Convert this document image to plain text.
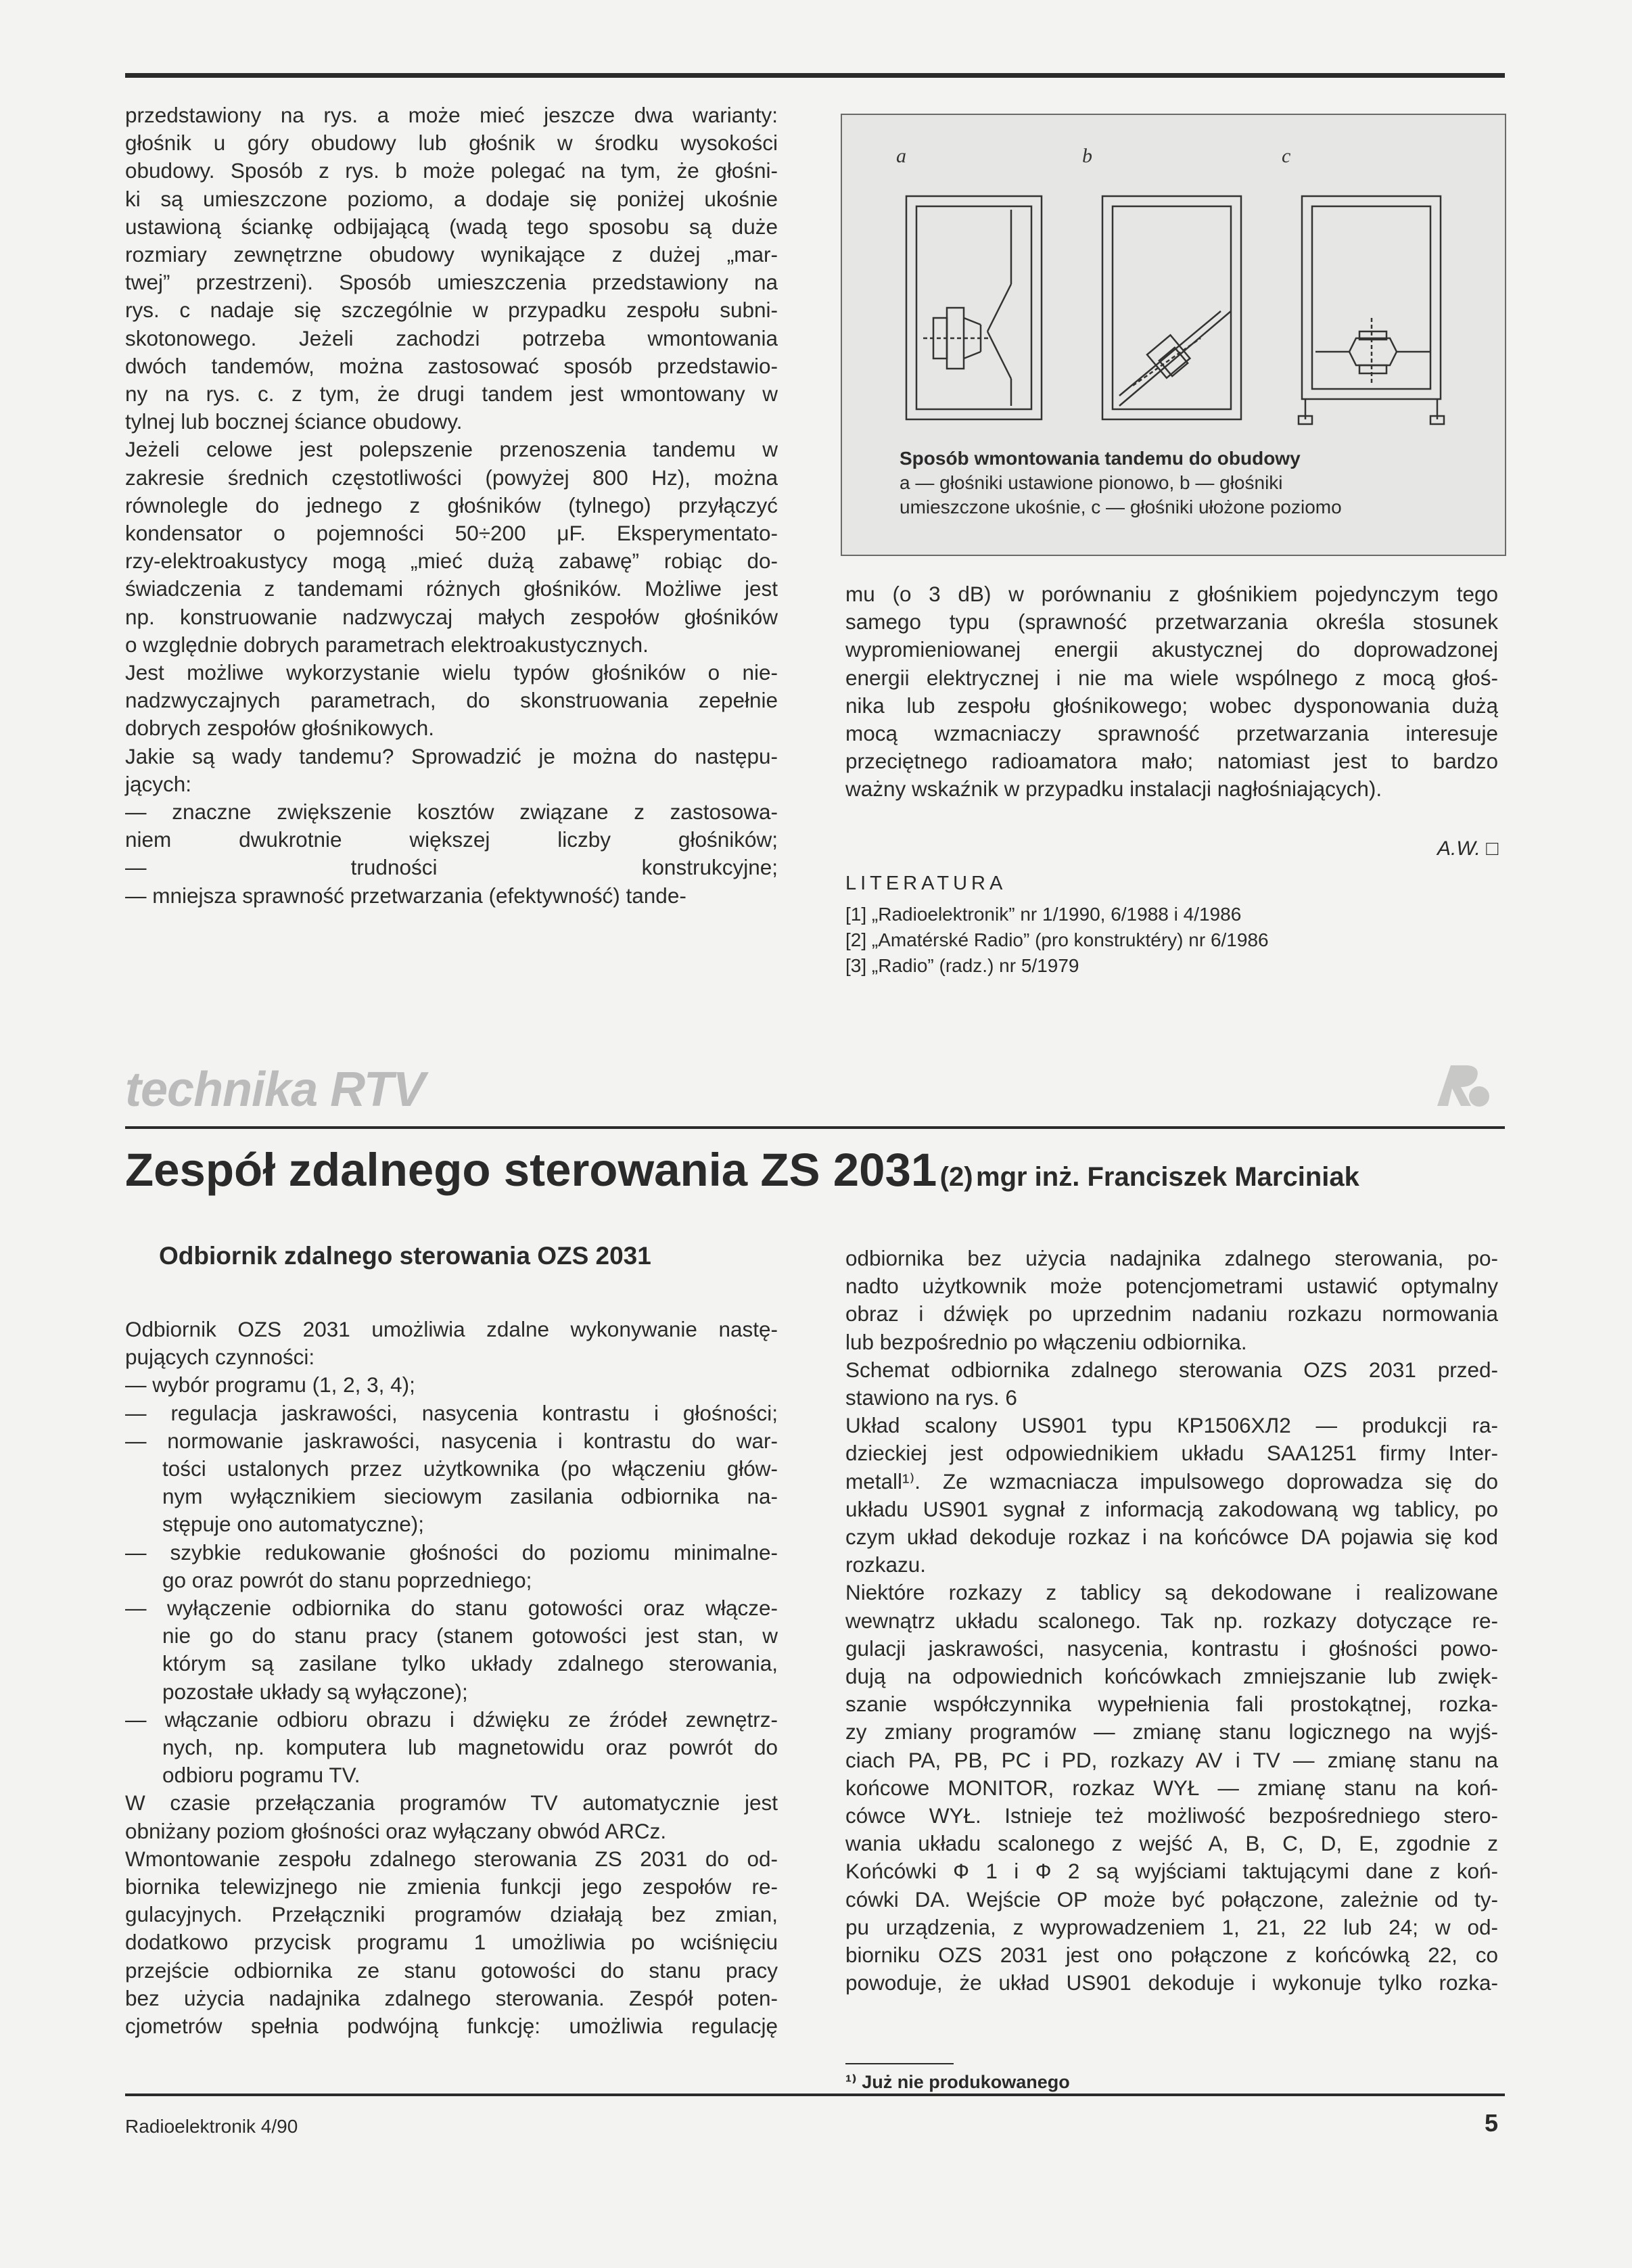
przedstawiony na rys. a może mieć jeszcze dwa warianty:
głośnik u góry obudowy lub głośnik w środku wysokości
obudowy. Sposób z rys. b może polegać na tym, że głośni-
ki są umieszczone poziomo, a dodaje się poniżej ukośnie
ustawioną ściankę odbijającą (wadą tego sposobu są duże
rozmiary zewnętrzne obudowy wynikające z dużej „mar-
twej” przestrzeni). Sposób umieszczenia przedstawiony na
rys. c nadaje się szczególnie w przypadku zespołu subni-
skotonowego. Jeżeli zachodzi potrzeba wmontowania
dwóch tandemów, można zastosować sposób przedstawio-
ny na rys. c. z tym, że drugi tandem jest wmontowany w
tylnej lub bocznej ściance obudowy.
Jeżeli celowe jest polepszenie przenoszenia tandemu w
zakresie średnich częstotliwości (powyżej 800 Hz), można
równolegle do jednego z głośników (tylnego) przyłączyć
kondensator o pojemności 50÷200 μF. Eksperymentato-
rzy-elektroakustycy mogą „mieć dużą zabawę” robiąc do-
świadczenia z tandemami różnych głośników. Możliwe jest
np. konstruowanie nadzwyczaj małych zespołów głośników
o względnie dobrych parametrach elektroakustycznych.
Jest możliwe wykorzystanie wielu typów głośników o nie-
nadzwyczajnych parametrach, do skonstruowania zepełnie
dobrych zespołów głośnikowych.
Jakie są wady tandemu? Sprowadzić je można do następu-
jących:
— znaczne zwiększenie kosztów związane z zastosowa-
niem dwukrotnie większej liczby głośników;
— trudności konstrukcyjne;
— mniejsza sprawność przetwarzania (efektywność) tande-
a	b	c
Sposób wmontowania tandemu do obudowy
a — głośniki ustawione pionowo, b — głośniki
umieszczone ukośnie, c — głośniki ułożone poziomo
mu (o 3 dB) w porównaniu z głośnikiem pojedynczym tego
samego typu (sprawność przetwarzania określa stosunek
wypromieniowanej energii akustycznej do doprowadzonej
energii elektrycznej i nie ma wiele wspólnego z mocą głoś-
nika lub zespołu głośnikowego; wobec dysponowania dużą
mocą wzmacniaczy sprawność przetwarzania interesuje
przeciętnego radioamatora mało; natomiast jest to bardzo
ważny wskaźnik w przypadku instalacji nagłośniających).
A.W. □
LITERATURA
[1] „Radioelektronik” nr 1/1990, 6/1988 i 4/1986
[2] „Amatérské Radio” (pro konstruktéry) nr 6/1986
[3] „Radio” (radz.) nr 5/1979
technika RTV
Zespół zdalnego sterowania ZS 2031 (2) mgr inż. Franciszek Marciniak
Odbiornik zdalnego sterowania OZS 2031
Odbiornik OZS 2031 umożliwia zdalne wykonywanie nastę-
pujących czynności:
— wybór programu (1, 2, 3, 4);
— regulacja jaskrawości, nasycenia kontrastu i głośności;
— normowanie jaskrawości, nasycenia i kontrastu do war-
tości ustalonych przez użytkownika (po włączeniu głów-
nym wyłącznikiem sieciowym zasilania odbiornika na-
stępuje ono automatyczne);
— szybkie redukowanie głośności do poziomu minimalne-
go oraz powrót do stanu poprzedniego;
— wyłączenie odbiornika do stanu gotowości oraz włącze-
nie go do stanu pracy (stanem gotowości jest stan, w
którym są zasilane tylko układy zdalnego sterowania,
pozostałe układy są wyłączone);
— włączanie odbioru obrazu i dźwięku ze źródeł zewnętrz-
nych, np. komputera lub magnetowidu oraz powrót do
odbioru pogramu TV.
W czasie przełączania programów TV automatycznie jest
obniżany poziom głośności oraz wyłączany obwód ARCz.
Wmontowanie zespołu zdalnego sterowania ZS 2031 do od-
biornika telewizjnego nie zmienia funkcji jego zespołów re-
gulacyjnych. Przełączniki programów działają bez zmian,
dodatkowo przycisk programu 1 umożliwia po wciśnięciu
przejście odbiornika ze stanu gotowości do stanu pracy
bez użycia nadajnika zdalnego sterowania. Zespół poten-
cjometrów spełnia podwójną funkcję: umożliwia regulację
odbiornika bez użycia nadajnika zdalnego sterowania, po-
nadto użytkownik może potencjometrami ustawić optymalny
obraz i dźwięk po uprzednim nadaniu rozkazu normowania
lub bezpośrednio po włączeniu odbiornika.
Schemat odbiornika zdalnego sterowania OZS 2031 przed-
stawiono na rys. 6
Układ scalony US901 typu КР1506ХЛ2 — produkcji ra-
dzieckiej jest odpowiednikiem układu SAA1251 firmy Inter-
metall¹⁾. Ze wzmacniacza impulsowego doprowadza się do
układu US901 sygnał z informacją zakodowaną wg tablicy, po
czym układ dekoduje rozkaz i na końcówce DA pojawia się kod
rozkazu.
Niektóre rozkazy z tablicy są dekodowane i realizowane
wewnątrz układu scalonego. Tak np. rozkazy dotyczące re-
gulacji jaskrawości, nasycenia, kontrastu i głośności powo-
dują na odpowiednich końcówkach zmniejszanie lub zwięk-
szanie współczynnika wypełnienia fali prostokątnej, rozka-
zy zmiany programów — zmianę stanu logicznego na wyjś-
ciach PA, PB, PC i PD, rozkazy AV i TV — zmianę stanu na
końcowe MONITOR, rozkaz WYŁ — zmianę stanu na koń-
cówce WYŁ. Istnieje też możliwość bezpośredniego stero-
wania układu scalonego z wejść A, B, C, D, E, zgodnie z
Końcówki Ф 1 i Ф 2 są wyjściami taktującymi dane z koń-
cówki DA. Wejście OP może być połączone, zależnie od ty-
pu urządzenia, z wyprowadzeniem 1, 21, 22 lub 24; w od-
biorniku OZS 2031 jest ono połączone z końcówką 22, co
powoduje, że układ US901 dekoduje i wykonuje tylko rozka-
¹⁾ Już nie produkowanego
Radioelektronik 4/90	5
